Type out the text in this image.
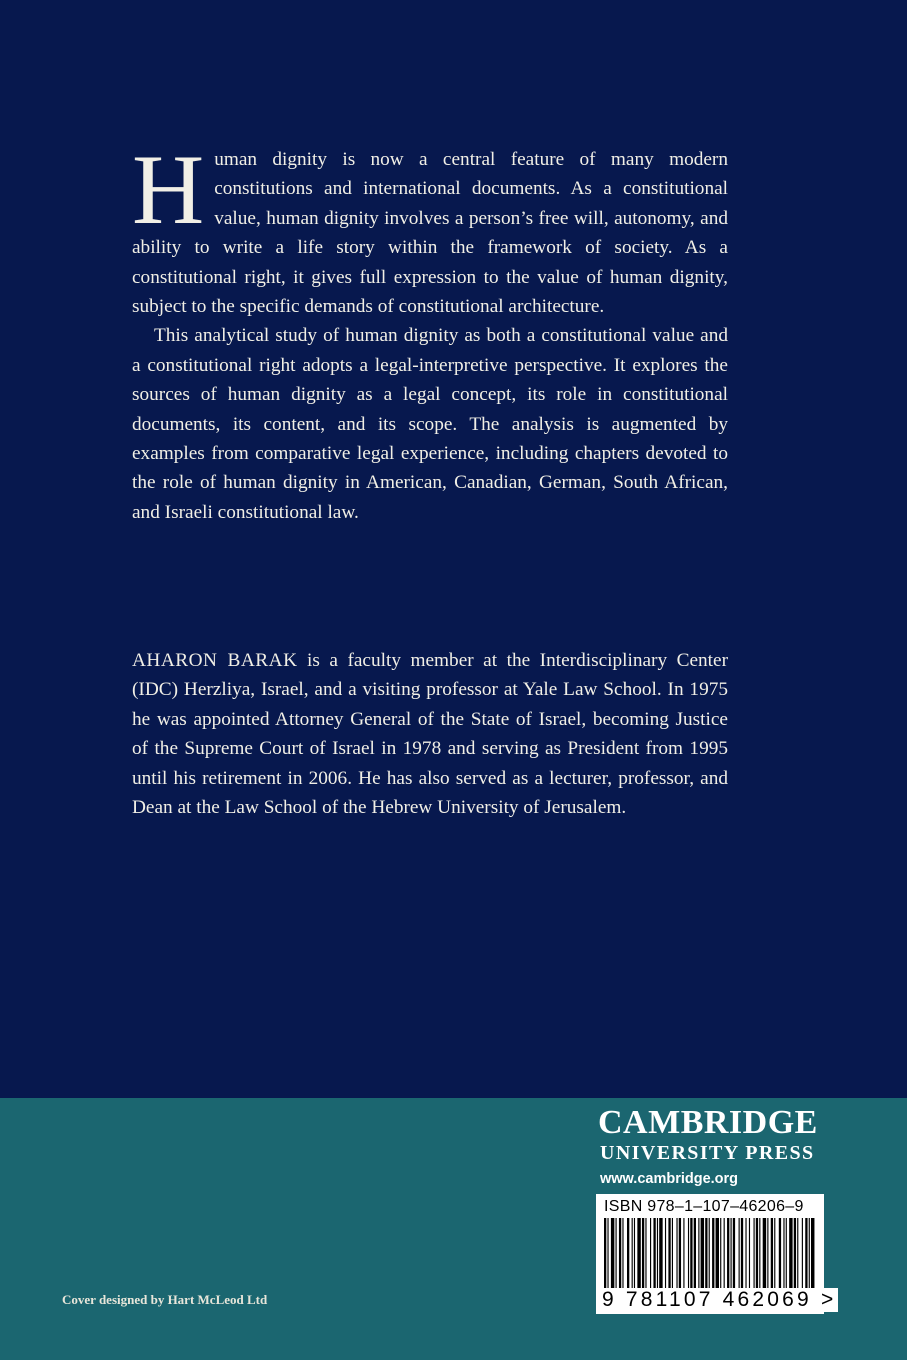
Human dignity is now a central feature of many modern constitutions and international documents. As a constitutional value, human dignity involves a person’s free will, autonomy, and ability to write a life story within the framework of society. As a constitutional right, it gives full expression to the value of human dignity, subject to the specific demands of constitutional architecture.

This analytical study of human dignity as both a constitutional value and a constitutional right adopts a legal-interpretive perspective. It explores the sources of human dignity as a legal concept, its role in constitutional documents, its content, and its scope. The analysis is augmented by examples from comparative legal experience, including chapters devoted to the role of human dignity in American, Canadian, German, South African, and Israeli constitutional law.

AHARON BARAK is a faculty member at the Interdisciplinary Center (IDC) Herzliya, Israel, and a visiting professor at Yale Law School. In 1975 he was appointed Attorney General of the State of Israel, becoming Justice of the Supreme Court of Israel in 1978 and serving as President from 1995 until his retirement in 2006. He has also served as a lecturer, professor, and Dean at the Law School of the Hebrew University of Jerusalem.

CAMBRIDGE
UNIVERSITY PRESS
www.cambridge.org
ISBN 978–1–107–46206–9
9 781107 462069 >
Cover designed by Hart McLeod Ltd
